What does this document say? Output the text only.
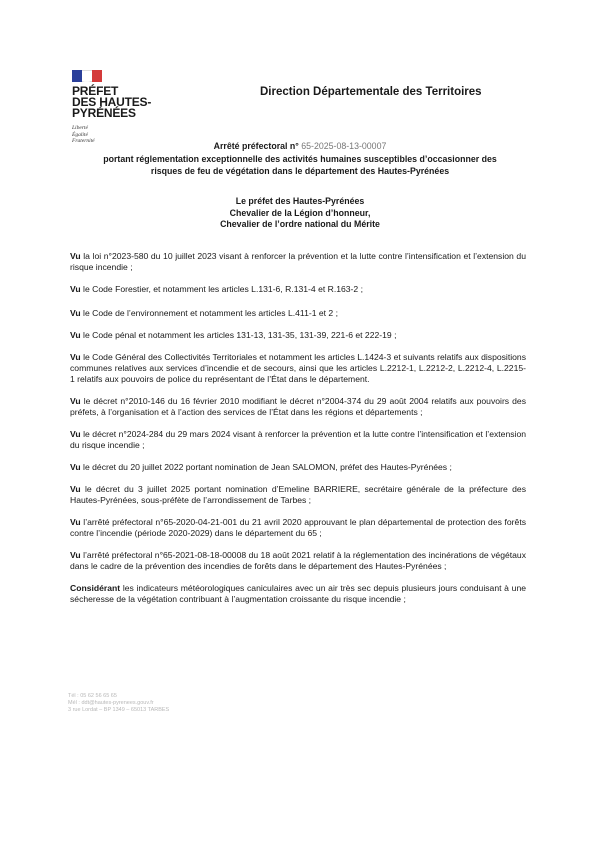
PRÉFET
DES HAUTES-
PYRÉNÉES
Liberté
Égalité
Fraternité
Direction Départementale des Territoires
Arrêté préfectoral n° 65-2025-08-13-00007
portant réglementation exceptionnelle des activités humaines susceptibles d’occasionner des
risques de feu de végétation dans le département des Hautes-Pyrénées
Le préfet des Hautes-Pyrénées
Chevalier de la Légion d’honneur,
Chevalier de l’ordre national du Mérite

Vu la loi n°2023-580 du 10 juillet 2023 visant à renforcer la prévention et la lutte contre l’intensification et l’extension du risque incendie ;

Vu le Code Forestier, et notamment les articles L.131-6, R.131-4 et R.163-2 ;

Vu le Code de l’environnement et notamment les articles L.411-1 et 2 ;

Vu le Code pénal et notamment les articles 131-13, 131-35, 131-39, 221-6 et 222-19 ;

Vu le Code Général des Collectivités Territoriales et notamment les articles L.1424-3 et suivants relatifs aux dispositions communes relatives aux services d’incendie et de secours, ainsi que les articles L.2212-1, L.2212-2, L.2212-4, L.2215-1 relatifs aux pouvoirs de police du représentant de l’État dans le département.

Vu le décret n°2010-146 du 16 février 2010 modifiant le décret n°2004-374 du 29 août 2004 relatifs aux pouvoirs des préfets, à l’organisation et à l’action des services de l’État dans les régions et départements ;

Vu le décret n°2024-284 du 29 mars 2024 visant à renforcer la prévention et la lutte contre l’intensification et l’extension du risque incendie ;

Vu le décret du 20 juillet 2022 portant nomination de Jean SALOMON, préfet des Hautes-Pyrénées ;

Vu le décret du 3 juillet 2025 portant nomination d’Emeline BARRIERE, secrétaire générale de la préfecture des Hautes-Pyrénées, sous-préfète de l’arrondissement de Tarbes ;

Vu l’arrêté préfectoral n°65-2020-04-21-001 du 21 avril 2020 approuvant le plan départemental de protection des forêts contre l’incendie (période 2020-2029) dans le département du 65 ;

Vu l’arrêté préfectoral n°65-2021-08-18-00008 du 18 août 2021 relatif à la réglementation des incinérations de végétaux dans le cadre de la prévention des incendies de forêts dans le département des Hautes-Pyrénées ;

Considérant les indicateurs météorologiques caniculaires avec un air très sec depuis plusieurs jours conduisant à une sécheresse de la végétation contribuant à l’augmentation croissante du risque incendie ;

Tél : 05 62 56 65 65
Mél : ddt@hautes-pyrenees.gouv.fr
3 rue Lordat – BP 1349 – 65013 TARBES
